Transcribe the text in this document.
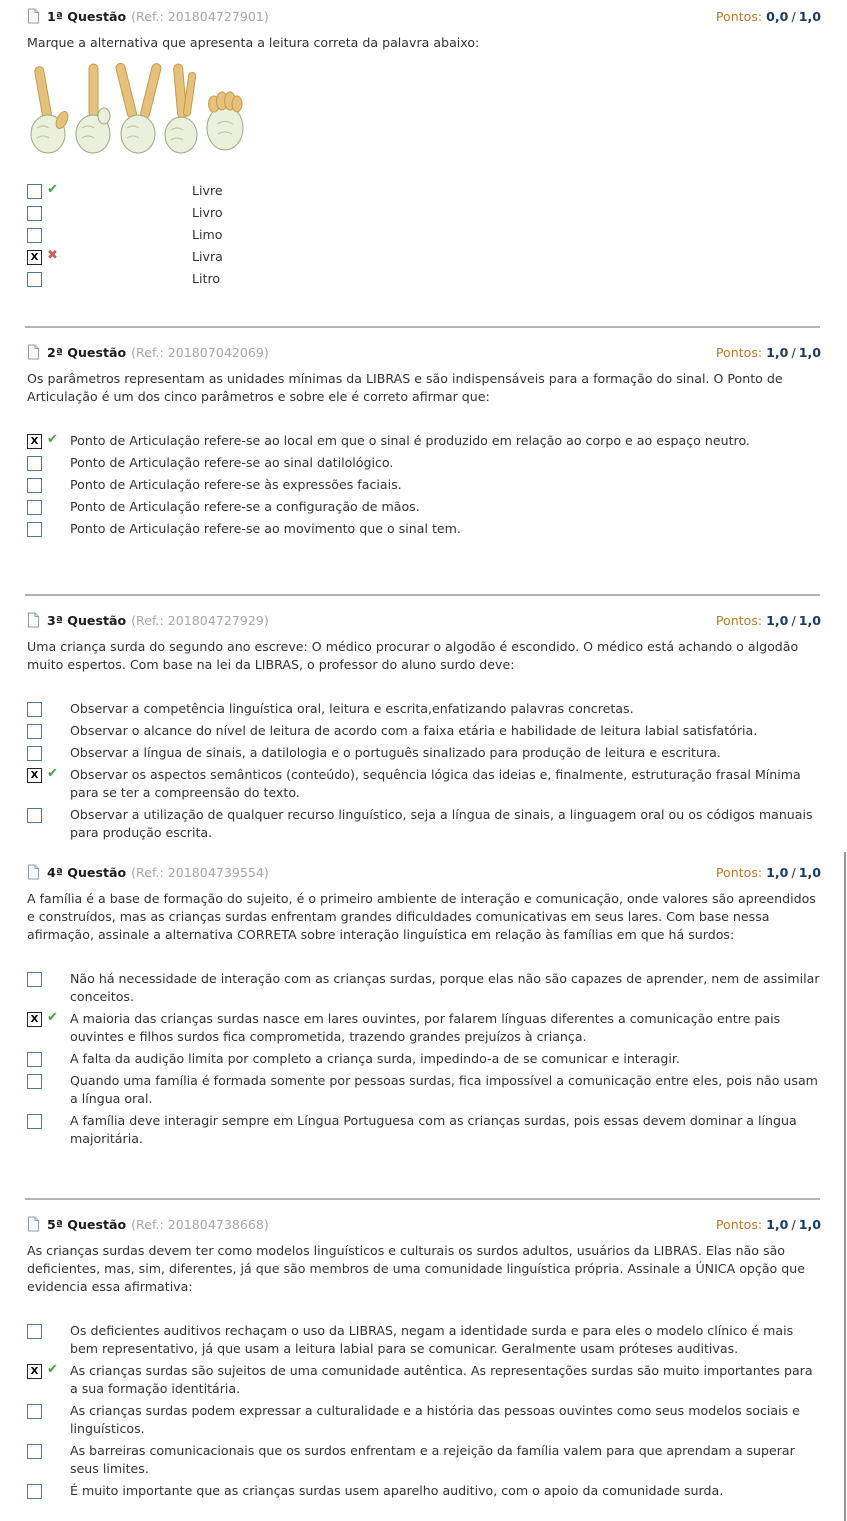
1ª Questão (Ref.: 201804727901)	Pontos: 0,0 / 1,0

Marque a alternativa que apresenta a leitura correta da palavra abaixo:

✔	Livre
Livro
Limo
X ✖	Livra
Litro
2ª Questão (Ref.: 201807042069)	Pontos: 1,0 / 1,0

Os parâmetros representam as unidades mínimas da LIBRAS e são indispensáveis para a formação do sinal. O Ponto de Articulação é um dos cinco parâmetros e sobre ele é correto afirmar que:

X ✔ Ponto de Articulação refere-se ao local em que o sinal é produzido em relação ao corpo e ao espaço neutro.
Ponto de Articulação refere-se ao sinal datilológico.
Ponto de Articulação refere-se às expressões faciais.
Ponto de Articulação refere-se a configuração de mãos.
Ponto de Articulação refere-se ao movimento que o sinal tem.
3ª Questão (Ref.: 201804727929)	Pontos: 1,0 / 1,0

Uma criança surda do segundo ano escreve: O médico procurar o algodão é escondido. O médico está achando o algodão muito espertos. Com base na lei da LIBRAS, o professor do aluno surdo deve:

Observar a competência linguística oral, leitura e escrita,enfatizando palavras concretas.
Observar o alcance do nível de leitura de acordo com a faixa etária e habilidade de leitura labial satisfatória.
Observar a língua de sinais, a datilologia e o português sinalizado para produção de leitura e escritura.
X ✔ Observar os aspectos semânticos (conteúdo), sequência lógica das ideias e, finalmente, estruturação frasal Mínima para se ter a compreensão do texto.
Observar a utilização de qualquer recurso linguístico, seja a língua de sinais, a linguagem oral ou os códigos manuais para produção escrita.
4ª Questão (Ref.: 201804739554)	Pontos: 1,0 / 1,0

A família é a base de formação do sujeito, é o primeiro ambiente de interação e comunicação, onde valores são apreendidos e construídos, mas as crianças surdas enfrentam grandes dificuldades comunicativas em seus lares. Com base nessa afirmação, assinale a alternativa CORRETA sobre interação linguística em relação às famílias em que há surdos:

Não há necessidade de interação com as crianças surdas, porque elas não são capazes de aprender, nem de assimilar conceitos.
X ✔ A maioria das crianças surdas nasce em lares ouvintes, por falarem línguas diferentes a comunicação entre pais ouvintes e filhos surdos fica comprometida, trazendo grandes prejuízos à criança.
A falta da audição limita por completo a criança surda, impedindo-a de se comunicar e interagir.
Quando uma família é formada somente por pessoas surdas, fica impossível a comunicação entre eles, pois não usam a língua oral.
A família deve interagir sempre em Língua Portuguesa com as crianças surdas, pois essas devem dominar a língua majoritária.
5ª Questão (Ref.: 201804738668)	Pontos: 1,0 / 1,0

As crianças surdas devem ter como modelos linguísticos e culturais os surdos adultos, usuários da LIBRAS. Elas não são deficientes, mas, sim, diferentes, já que são membros de uma comunidade linguística própria. Assinale a ÚNICA opção que evidencia essa afirmativa:

Os deficientes auditivos rechaçam o uso da LIBRAS, negam a identidade surda e para eles o modelo clínico é mais bem representativo, já que usam a leitura labial para se comunicar. Geralmente usam próteses auditivas.
X ✔ As crianças surdas são sujeitos de uma comunidade autêntica. As representações surdas são muito importantes para a sua formação identitária.
As crianças surdas podem expressar a culturalidade e a história das pessoas ouvintes como seus modelos sociais e linguísticos.
As barreiras comunicacionais que os surdos enfrentam e a rejeição da família valem para que aprendam a superar seus limites.
É muito importante que as crianças surdas usem aparelho auditivo, com o apoio da comunidade surda.
